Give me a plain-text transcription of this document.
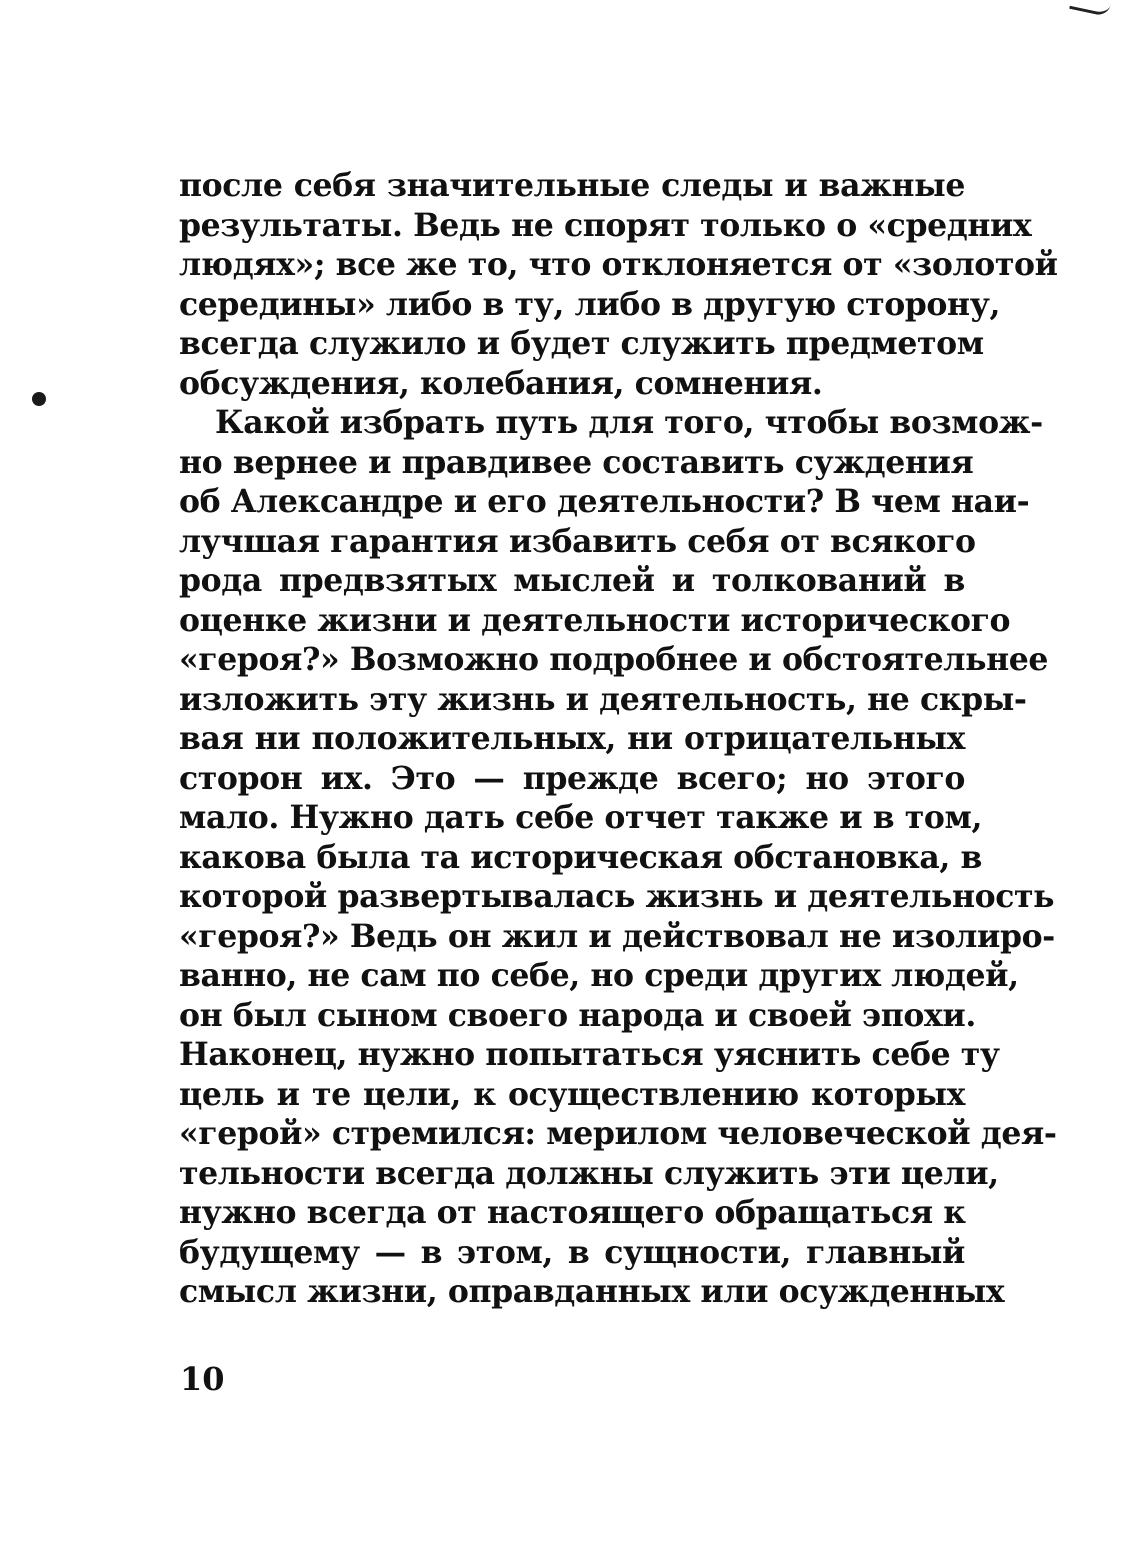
после себя значительные следы и важные
результаты. Ведь не спорят только о «средних
людях»; все же то, что отклоняется от «золотой
середины» либо в ту, либо в другую сторону,
всегда служило и будет служить предметом
обсуждения, колебания, сомнения.
Какой избрать путь для того, чтобы возмож-
но вернее и правдивее составить суждения
об Александре и его деятельности? В чем наи-
лучшая гарантия избавить себя от всякого
рода предвзятых мыслей и толкований в
оценке жизни и деятельности исторического
«героя?» Возможно подробнее и обстоятельнее
изложить эту жизнь и деятельность, не скры-
вая ни положительных, ни отрицательных
сторон их. Это — прежде всего; но этого
мало. Нужно дать себе отчет также и в том,
какова была та историческая обстановка, в
которой развертывалась жизнь и деятельность
«героя?» Ведь он жил и действовал не изолиро-
ванно, не сам по себе, но среди других людей,
он был сыном своего народа и своей эпохи.
Наконец, нужно попытаться уяснить себе ту
цель и те цели, к осуществлению которых
«герой» стремился: мерилом человеческой дея-
тельности всегда должны служить эти цели,
нужно всегда от настоящего обращаться к
будущему — в этом, в сущности, главный
смысл жизни, оправданных или осужденных
10
